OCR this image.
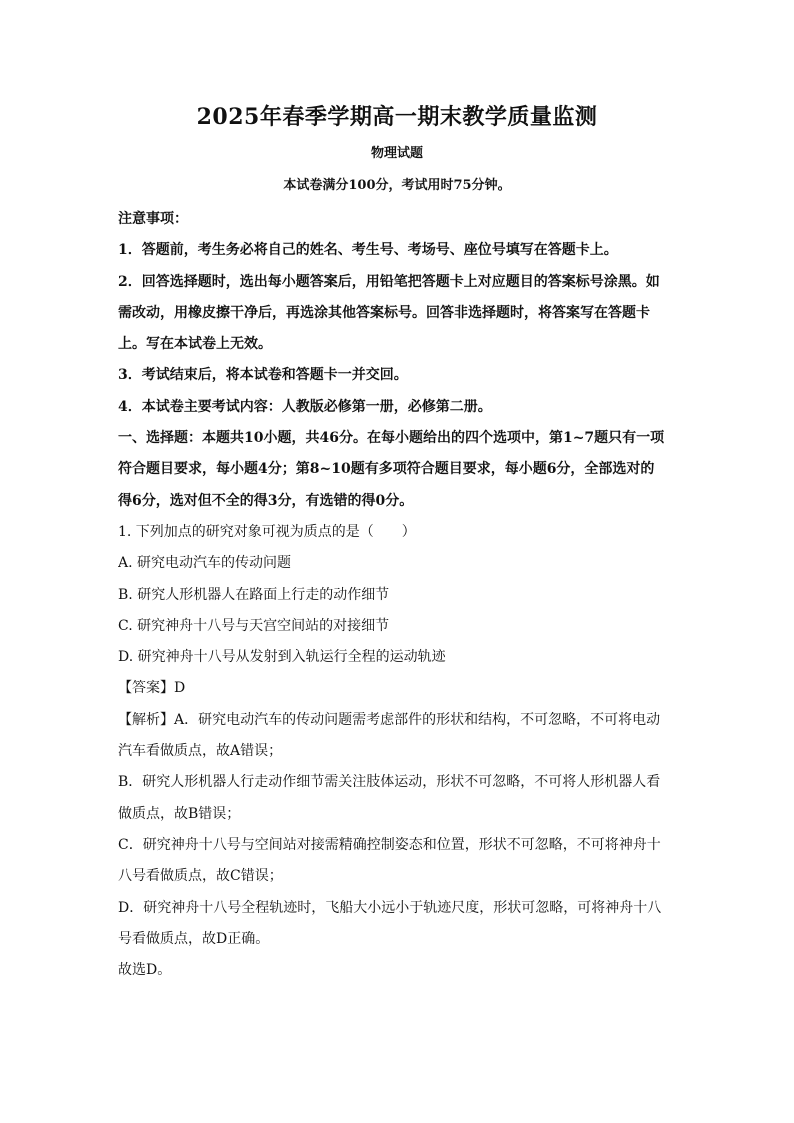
2025年春季学期高一期末教学质量监测
物理试题
本试卷满分100分，考试用时75分钟。
注意事项：
1．答题前，考生务必将自己的姓名、考生号、考场号、座位号填写在答题卡上。
2．回答选择题时，选出每小题答案后，用铅笔把答题卡上对应题目的答案标号涂黑。如
需改动，用橡皮擦干净后，再选涂其他答案标号。回答非选择题时，将答案写在答题卡
上。写在本试卷上无效。
3．考试结束后，将本试卷和答题卡一并交回。
4．本试卷主要考试内容：人教版必修第一册，必修第二册。
一、选择题：本题共10小题，共46分。在每小题给出的四个选项中，第1~7题只有一项
符合题目要求，每小题4分；第8~10题有多项符合题目要求，每小题6分，全部选对的
得6分，选对但不全的得3分，有选错的得0分。
1. 下列加点的研究对象可视为质点的是（　　）
A. 研究电动汽车的传动问题
B. 研究人形机器人在路面上行走的动作细节
C. 研究神舟十八号与天宫空间站的对接细节
D. 研究神舟十八号从发射到入轨运行全程的运动轨迹
【答案】D
【解析】A．研究电动汽车的传动问题需考虑部件的形状和结构，不可忽略，不可将电动
汽车看做质点，故A错误；
B．研究人形机器人行走动作细节需关注肢体运动，形状不可忽略，不可将人形机器人看
做质点，故B错误；
C．研究神舟十八号与空间站对接需精确控制姿态和位置，形状不可忽略，不可将神舟十
八号看做质点，故C错误；
D．研究神舟十八号全程轨迹时，飞船大小远小于轨迹尺度，形状可忽略，可将神舟十八
号看做质点，故D正确。
故选D。
